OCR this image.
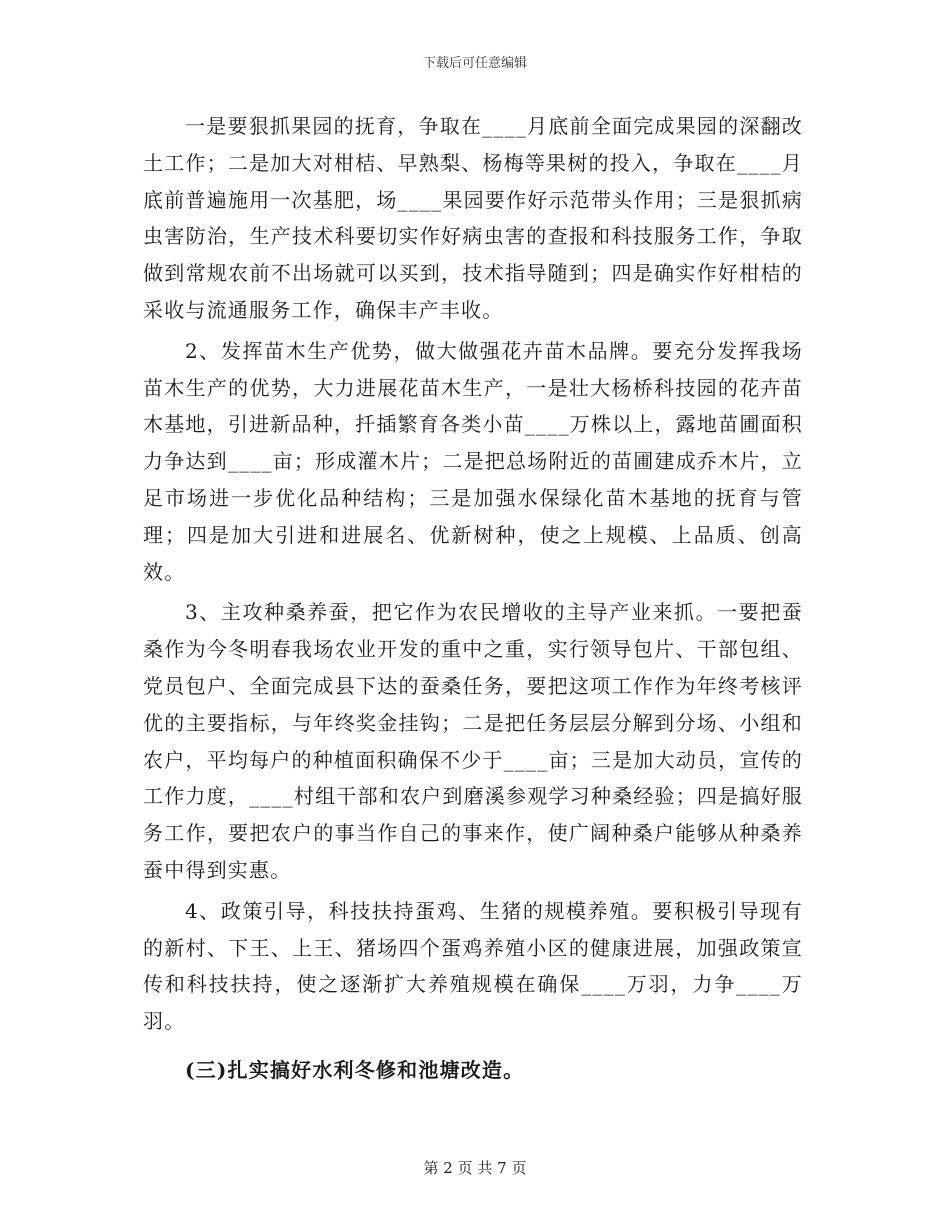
下载后可任意编辑

一是要狠抓果园的抚育，争取在____月底前全面完成果园的深翻改土工作；二是加大对柑桔、早熟梨、杨梅等果树的投入，争取在____月底前普遍施用一次基肥，场____果园要作好示范带头作用；三是狠抓病虫害防治，生产技术科要切实作好病虫害的查报和科技服务工作，争取做到常规农前不出场就可以买到，技术指导随到；四是确实作好柑桔的采收与流通服务工作，确保丰产丰收。

2、发挥苗木生产优势，做大做强花卉苗木品牌。要充分发挥我场苗木生产的优势，大力进展花苗木生产，一是壮大杨桥科技园的花卉苗木基地，引进新品种，扦插繁育各类小苗____万株以上，露地苗圃面积力争达到____亩；形成灌木片；二是把总场附近的苗圃建成乔木片，立足市场进一步优化品种结构；三是加强水保绿化苗木基地的抚育与管理；四是加大引进和进展名、优新树种，使之上规模、上品质、创高效。

3、主攻种桑养蚕，把它作为农民增收的主导产业来抓。一要把蚕桑作为今冬明春我场农业开发的重中之重，实行领导包片、干部包组、党员包户、全面完成县下达的蚕桑任务，要把这项工作作为年终考核评优的主要指标，与年终奖金挂钩；二是把任务层层分解到分场、小组和农户，平均每户的种植面积确保不少于____亩；三是加大动员，宣传的工作力度，____村组干部和农户到磨溪参观学习种桑经验；四是搞好服务工作，要把农户的事当作自己的事来作，使广阔种桑户能够从种桑养蚕中得到实惠。

4、政策引导，科技扶持蛋鸡、生猪的规模养殖。要积极引导现有的新村、下王、上王、猪场四个蛋鸡养殖小区的健康进展，加强政策宣传和科技扶持，使之逐渐扩大养殖规模在确保____万羽，力争____万羽。

(三)扎实搞好水利冬修和池塘改造。

第 2 页 共 7 页
